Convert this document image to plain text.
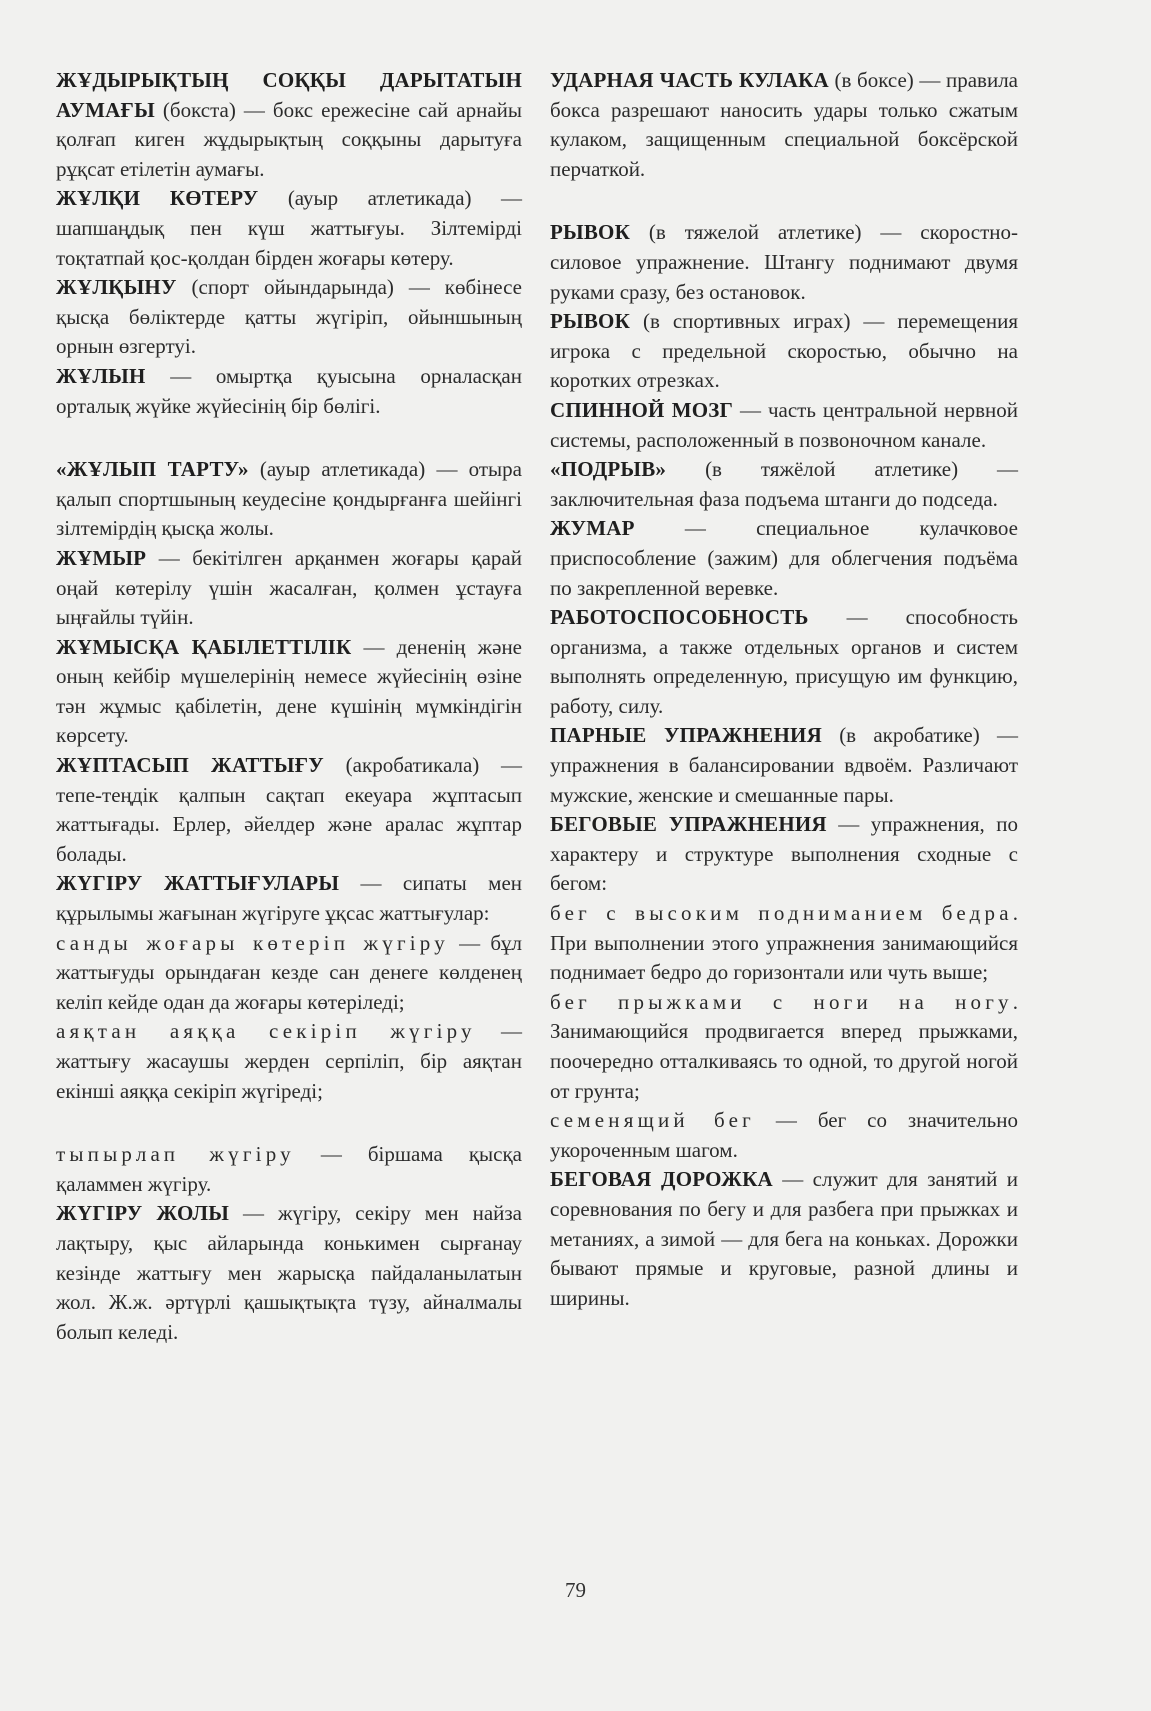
ЖҰДЫРЫҚТЫҢ СОҚҚЫ ДАРЫТАТЫН АУМАҒЫ (бокста) — бокс ережесіне сай арнайы қолғап киген жұдырықтың соққыны дарытуға рұқсат етілетін аумағы.

ЖҰЛҚИ КӨТЕРУ (ауыр атлетикада) — шапшаңдық пен күш жаттығуы. Зілтемірді тоқтатпай қос-қолдан бірден жоғары көтеру.

ЖҰЛҚЫНУ (спорт ойындарында) — көбінесе қысқа бөліктерде қатты жүгіріп, ойыншының орнын өзгертуі.

ЖҰЛЫН — омыртқа қуысына орналасқан орталық жүйке жүйесінің бір бөлігі.

«ЖҰЛЫП ТАРТУ» (ауыр атлетикада) — отыра қалып спортшының кеудесіне қондырғанға шейінгі зілтемірдің қысқа жолы.

ЖҰМЫР — бекітілген арқанмен жоғары қарай оңай көтерілу үшін жасалған, қолмен ұстауға ыңғайлы түйін.

ЖҰМЫСҚА ҚАБІЛЕТТІЛІК — дененің және оның кейбір мүшелерінің немесе жүйесінің өзіне тән жұмыс қабілетін, дене күшінің мүмкіндігін көрсету.

ЖҰПТАСЫП ЖАТТЫҒУ (акробатикала) — тепе-теңдік қалпын сақтап екеуара жұптасып жаттығады. Ерлер, әйелдер және аралас жұптар болады.

ЖҮГІРУ ЖАТТЫҒУЛАРЫ — сипаты мен құрылымы жағынан жүгіруге ұқсас жаттығулар:

санды жоғары көтеріп жүгіру — бұл жаттығуды орындаған кезде сан денеге көлденең келіп кейде одан да жоғары көтеріледі;

аяқтан аяққа секіріп жүгіру — жаттығу жасаушы жерден серпіліп, бір аяқтан екінші аяққа секіріп жүгіреді;

тыпырлап жүгіру — біршама қысқа қаламмен жүгіру.

ЖҮГІРУ ЖОЛЫ — жүгіру, секіру мен найза лақтыру, қыс айларында конькимен сырғанау кезінде жаттығу мен жарысқа пайдаланылатын жол. Ж.ж. әртүрлі қашықтықта түзу, айналмалы болып келеді.

УДАРНАЯ ЧАСТЬ КУЛАКА (в боксе) — правила бокса разрешают наносить удары только сжатым кулаком, защищенным специальной боксёрской перчаткой.

РЫВОК (в тяжелой атлетике) — скоростно-силовое упражнение. Штангу поднимают двумя руками сразу, без остановок.

РЫВОК (в спортивных играх) — перемещения игрока с предельной скоростью, обычно на коротких отрезках.

СПИННОЙ МОЗГ — часть центральной нервной системы, расположенный в позвоночном канале.

«ПОДРЫВ» (в тяжёлой атлетике) — заключительная фаза подъема штанги до подседа.

ЖУМАР — специальное кулачковое приспособление (зажим) для облегчения подъёма по закрепленной веревке.

РАБОТОСПОСОБНОСТЬ — способность организма, а также отдельных органов и систем выполнять определенную, присущую им функцию, работу, силу.

ПАРНЫЕ УПРАЖНЕНИЯ (в акробатике) — упражнения в балансировании вдвоём. Различают мужские, женские и смешанные пары.

БЕГОВЫЕ УПРАЖНЕНИЯ — упражнения, по характеру и структуре выполнения сходные с бегом:

бег с высоким подниманием бедра. При выполнении этого упражнения занимающийся поднимает бедро до горизонтали или чуть выше;

бег прыжками с ноги на ногу. Занимающийся продвигается вперед прыжками, поочередно отталкиваясь то одной, то другой ногой от грунта;

семенящий бег — бег со значительно укороченным шагом.

БЕГОВАЯ ДОРОЖКА — служит для занятий и соревнования по бегу и для разбега при прыжках и метаниях, а зимой — для бега на коньках. Дорожки бывают прямые и круговые, разной длины и ширины.

79
